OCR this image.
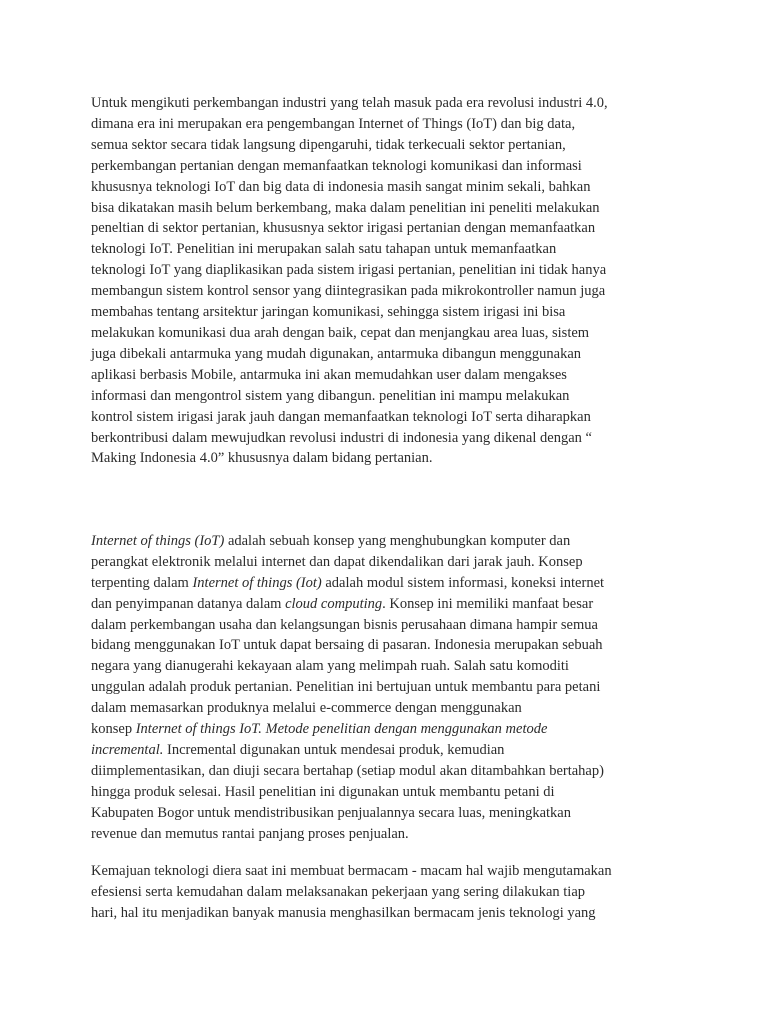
Untuk mengikuti perkembangan industri yang telah masuk pada era revolusi industri 4.0,
dimana era ini merupakan era pengembangan Internet of Things (IoT) dan big data,
semua sektor secara tidak langsung dipengaruhi, tidak terkecuali sektor pertanian,
perkembangan pertanian dengan memanfaatkan teknologi komunikasi dan informasi
khususnya teknologi IoT dan big data di indonesia masih sangat minim sekali, bahkan
bisa dikatakan masih belum berkembang, maka dalam penelitian ini peneliti melakukan
peneltian di sektor pertanian, khususnya sektor irigasi pertanian dengan memanfaatkan
teknologi IoT. Penelitian ini merupakan salah satu tahapan untuk memanfaatkan
teknologi IoT yang diaplikasikan pada sistem irigasi pertanian, penelitian ini tidak hanya
membangun sistem kontrol sensor yang diintegrasikan pada mikrokontroller namun juga
membahas tentang arsitektur jaringan komunikasi, sehingga sistem irigasi ini bisa
melakukan komunikasi dua arah dengan baik, cepat dan menjangkau area luas, sistem
juga dibekali antarmuka yang mudah digunakan, antarmuka dibangun menggunakan
aplikasi berbasis Mobile, antarmuka ini akan memudahkan user dalam mengakses
informasi dan mengontrol sistem yang dibangun. penelitian ini mampu melakukan
kontrol sistem irigasi jarak jauh dangan memanfaatkan teknologi IoT serta diharapkan
berkontribusi dalam mewujudkan revolusi industri di indonesia yang dikenal dengan “
Making Indonesia 4.0” khususnya dalam bidang pertanian.

Internet of things (IoT) adalah sebuah konsep yang menghubungkan komputer dan
perangkat elektronik melalui internet dan dapat dikendalikan dari jarak jauh. Konsep
terpenting dalam Internet of things (Iot) adalah modul sistem informasi, koneksi internet
dan penyimpanan datanya dalam cloud computing. Konsep ini memiliki manfaat besar
dalam perkembangan usaha dan kelangsungan bisnis perusahaan dimana hampir semua
bidang menggunakan IoT untuk dapat bersaing di pasaran. Indonesia merupakan sebuah
negara yang dianugerahi kekayaan alam yang melimpah ruah. Salah satu komoditi
unggulan adalah produk pertanian. Penelitian ini bertujuan untuk membantu para petani
dalam memasarkan produknya melalui e-commerce dengan menggunakan
konsep Internet of things IoT. Metode penelitian dengan menggunakan metode
incremental. Incremental digunakan untuk mendesai produk, kemudian
diimplementasikan, dan diuji secara bertahap (setiap modul akan ditambahkan bertahap)
hingga produk selesai. Hasil penelitian ini digunakan untuk membantu petani di
Kabupaten Bogor untuk mendistribusikan penjualannya secara luas, meningkatkan
revenue dan memutus rantai panjang proses penjualan.

Kemajuan teknologi diera saat ini membuat bermacam - macam hal wajib mengutamakan
efesiensi serta kemudahan dalam melaksanakan pekerjaan yang sering dilakukan tiap
hari, hal itu menjadikan banyak manusia menghasilkan bermacam jenis teknologi yang
